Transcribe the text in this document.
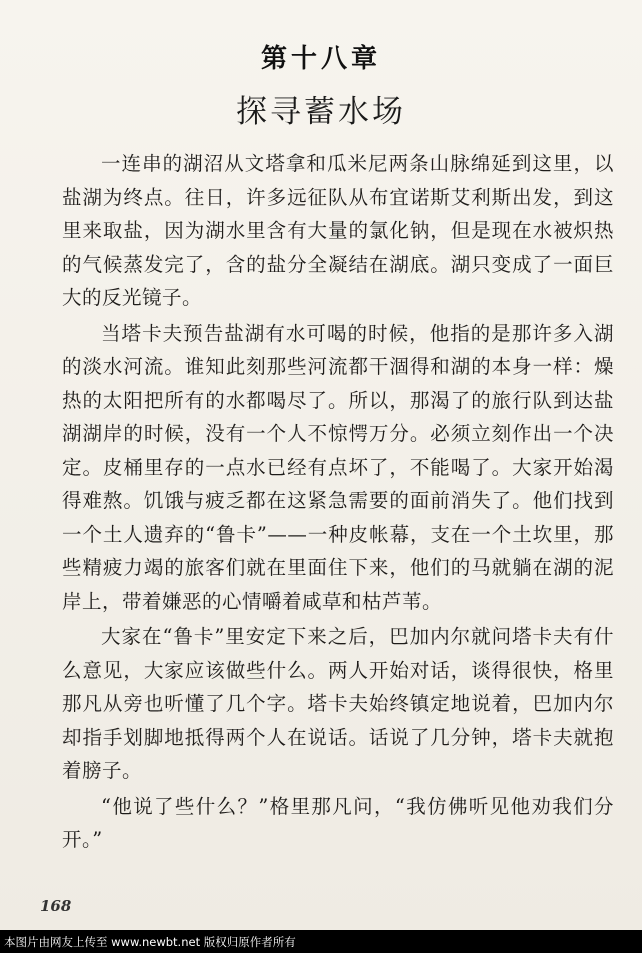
第十八章
探寻蓄水场

一连串的湖沼从文塔拿和瓜米尼两条山脉绵延到这里，以盐湖为终点。往日，许多远征队从布宜诺斯艾利斯出发，到这里来取盐，因为湖水里含有大量的氯化钠，但是现在水被炽热的气候蒸发完了，含的盐分全凝结在湖底。湖只变成了一面巨大的反光镜子。

当塔卡夫预告盐湖有水可喝的时候，他指的是那许多入湖的淡水河流。谁知此刻那些河流都干涸得和湖的本身一样：燥热的太阳把所有的水都喝尽了。所以，那渴了的旅行队到达盐湖湖岸的时候，没有一个人不惊愕万分。必须立刻作出一个决定。皮桶里存的一点水已经有点坏了，不能喝了。大家开始渴得难熬。饥饿与疲乏都在这紧急需要的面前消失了。他们找到一个土人遗弃的“鲁卡”——一种皮帐幕，支在一个土坎里，那些精疲力竭的旅客们就在里面住下来，他们的马就躺在湖的泥岸上，带着嫌恶的心情嚼着咸草和枯芦苇。

大家在“鲁卡”里安定下来之后，巴加内尔就问塔卡夫有什么意见，大家应该做些什么。两人开始对话，谈得很快，格里那凡从旁也听懂了几个字。塔卡夫始终镇定地说着，巴加内尔却指手划脚地抵得两个人在说话。话说了几分钟，塔卡夫就抱着膀子。

“他说了些什么？”格里那凡问，“我仿佛听见他劝我们分开。”

168
本图片由网友上传至 www.newbt.net 版权归原作者所有
